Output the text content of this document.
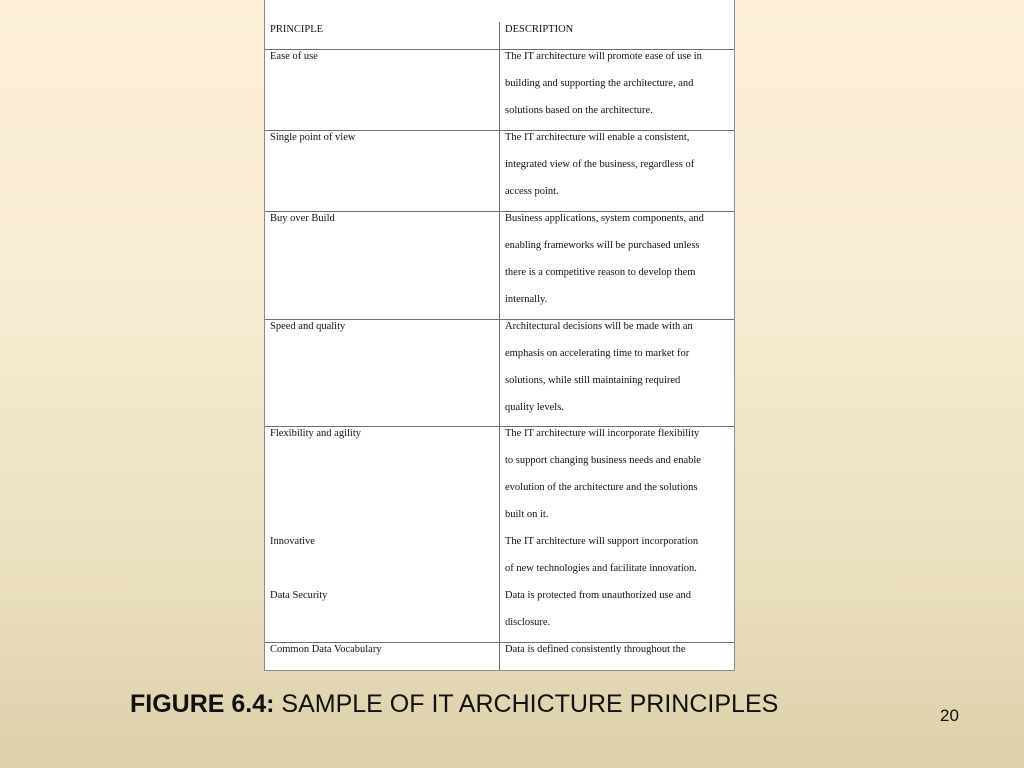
PRINCIPLE	DESCRIPTION
Ease of use	The IT architecture will promote ease of use in
building and supporting the architecture, and
solutions based on the architecture.
Single point of view	The IT architecture will enable a consistent,
integrated view of the business, regardless of
access point.
Buy over Build	Business applications, system components, and
enabling frameworks will be purchased unless
there is a competitive reason to develop them
internally.
Speed and quality	Architectural decisions will be made with an
emphasis on accelerating time to market for
solutions, while still maintaining required
quality levels.
Flexibility and agility	The IT architecture will incorporate flexibility
to support changing business needs and enable
evolution of the architecture and the solutions
built on it.
Innovative	The IT architecture will support incorporation
of new technologies and facilitate innovation.
Data Security	Data is protected from unauthorized use and
disclosure.
Common Data Vocabulary	Data is defined consistently throughout the
FIGURE 6.4: SAMPLE OF IT ARCHICTURE PRINCIPLES	20
